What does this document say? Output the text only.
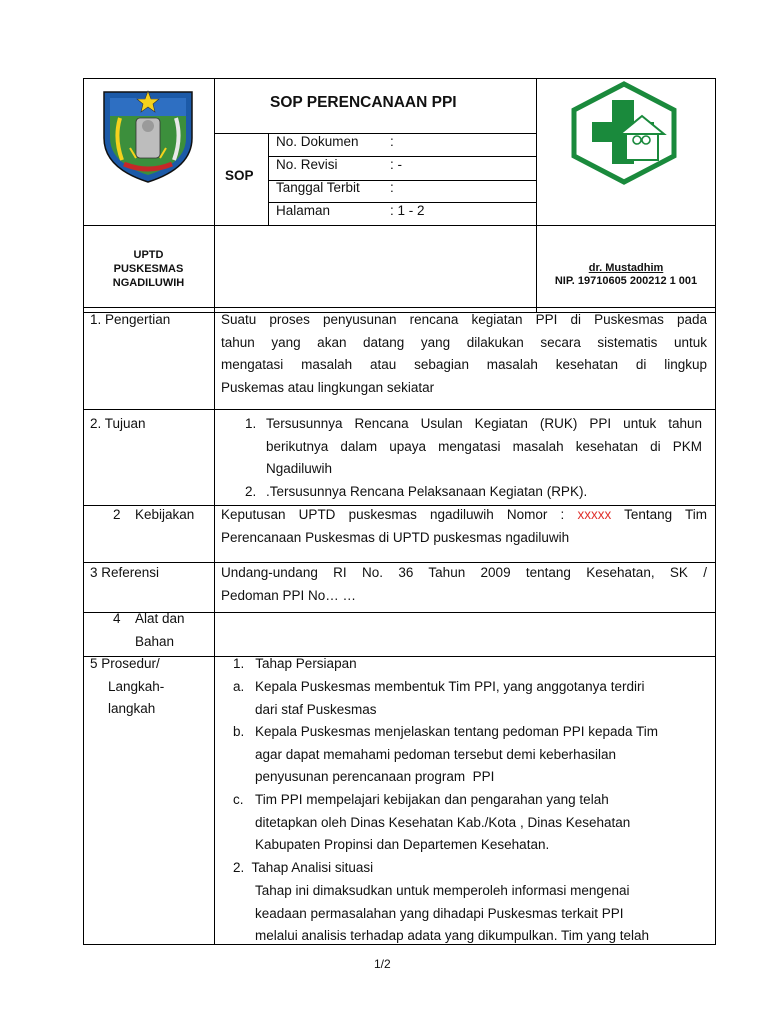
SOP PERENCANAAN PPI
SOP
No. Dokumen :
No. Revisi	: -
Tanggal Terbit :
Halaman	: 1 - 2
UPTD
PUSKESMAS
NGADILUWIH
dr. Mustadhim
NIP. 19710605 200212 1 001
1. Pengertian	Suatu proses penyusunan rencana kegiatan PPI di Puskesmas pada
tahun yang akan datang yang dilakukan secara sistematis untuk
mengatasi masalah atau sebagian masalah kesehatan di lingkup
Puskemas atau lingkungan sekiatar
2. Tujuan	1. Tersusunnya Rencana Usulan Kegiatan (RUK) PPI untuk tahun
berikutnya dalam upaya mengatasi masalah kesehatan di PKM
Ngadiluwih
2. .Tersusunnya Rencana Pelaksanaan Kegiatan (RPK).
2 Kebijakan Keputusan UPTD puskesmas ngadiluwih Nomor : xxxxx Tentang Tim
Perencanaan Puskesmas di UPTD puskesmas ngadiluwih
3 Referensi	Undang-undang RI No. 36 Tahun 2009 tentang Kesehatan, SK /
Pedoman PPI No… …
4 Alat dan
Bahan
5 Prosedur/
Langkah-
langkah
1.   Tahap Persiapan
a. Kepala Puskesmas membentuk Tim PPI, yang anggotanya terdiri
dari staf Puskesmas
b. Kepala Puskesmas menjelaskan tentang pedoman PPI kepada Tim
agar dapat memahami pedoman tersebut demi keberhasilan
penyusunan perencanaan program  PPI
c. Tim PPI mempelajari kebijakan dan pengarahan yang telah
ditetapkan oleh Dinas Kesehatan Kab./Kota , Dinas Kesehatan
Kabupaten Propinsi dan Departemen Kesehatan.
2.  Tahap Analisi situasi
Tahap ini dimaksudkan untuk memperoleh informasi mengenai
keadaan permasalahan yang dihadapi Puskesmas terkait PPI
melalui analisis terhadap adata yang dikumpulkan. Tim yang telah
1/2
